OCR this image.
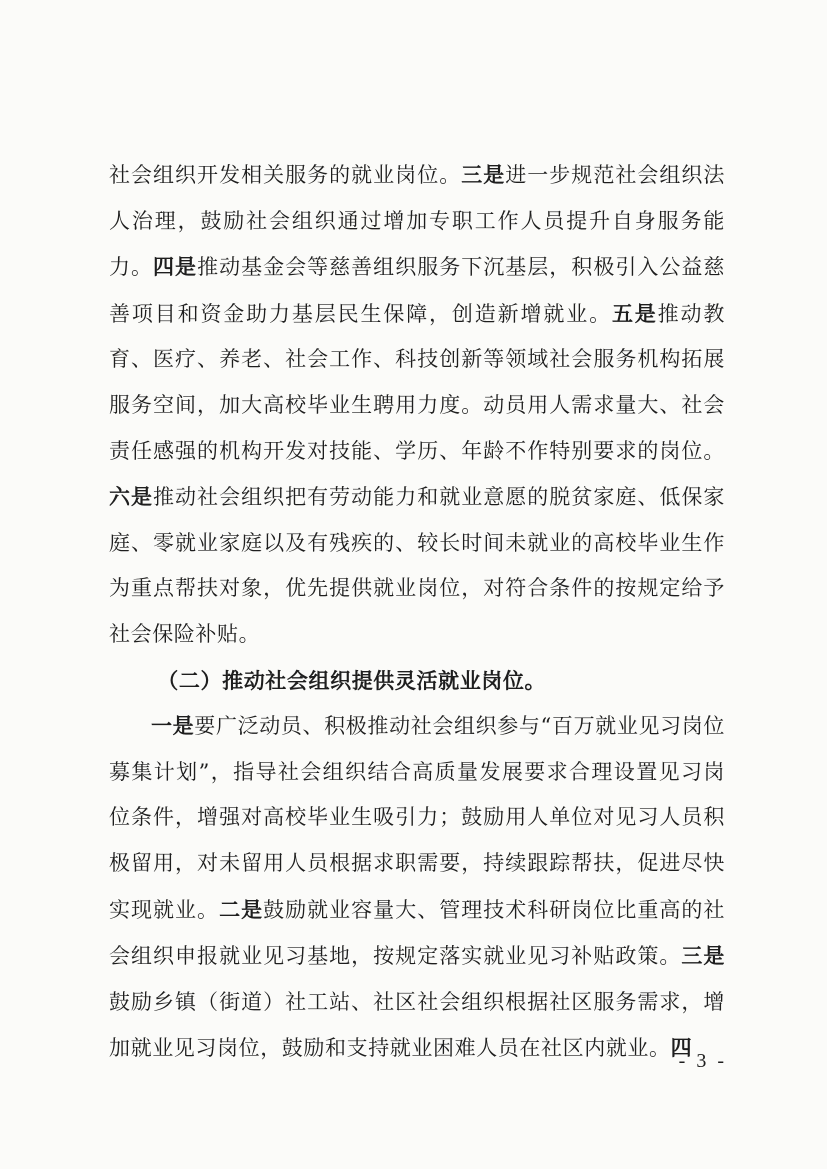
社会组织开发相关服务的就业岗位。三是进一步规范社会组织法人治理，鼓励社会组织通过增加专职工作人员提升自身服务能力。四是推动基金会等慈善组织服务下沉基层，积极引入公益慈善项目和资金助力基层民生保障，创造新增就业。五是推动教育、医疗、养老、社会工作、科技创新等领域社会服务机构拓展服务空间，加大高校毕业生聘用力度。动员用人需求量大、社会责任感强的机构开发对技能、学历、年龄不作特别要求的岗位。六是推动社会组织把有劳动能力和就业意愿的脱贫家庭、低保家庭、零就业家庭以及有残疾的、较长时间未就业的高校毕业生作为重点帮扶对象，优先提供就业岗位，对符合条件的按规定给予社会保险补贴。

（二）推动社会组织提供灵活就业岗位。

一是要广泛动员、积极推动社会组织参与“百万就业见习岗位募集计划”，指导社会组织结合高质量发展要求合理设置见习岗位条件，增强对高校毕业生吸引力；鼓励用人单位对见习人员积极留用，对未留用人员根据求职需要，持续跟踪帮扶，促进尽快实现就业。二是鼓励就业容量大、管理技术科研岗位比重高的社会组织申报就业见习基地，按规定落实就业见习补贴政策。三是鼓励乡镇（街道）社工站、社区社会组织根据社区服务需求，增加就业见习岗位，鼓励和支持就业困难人员在社区内就业。四

- 3 -
